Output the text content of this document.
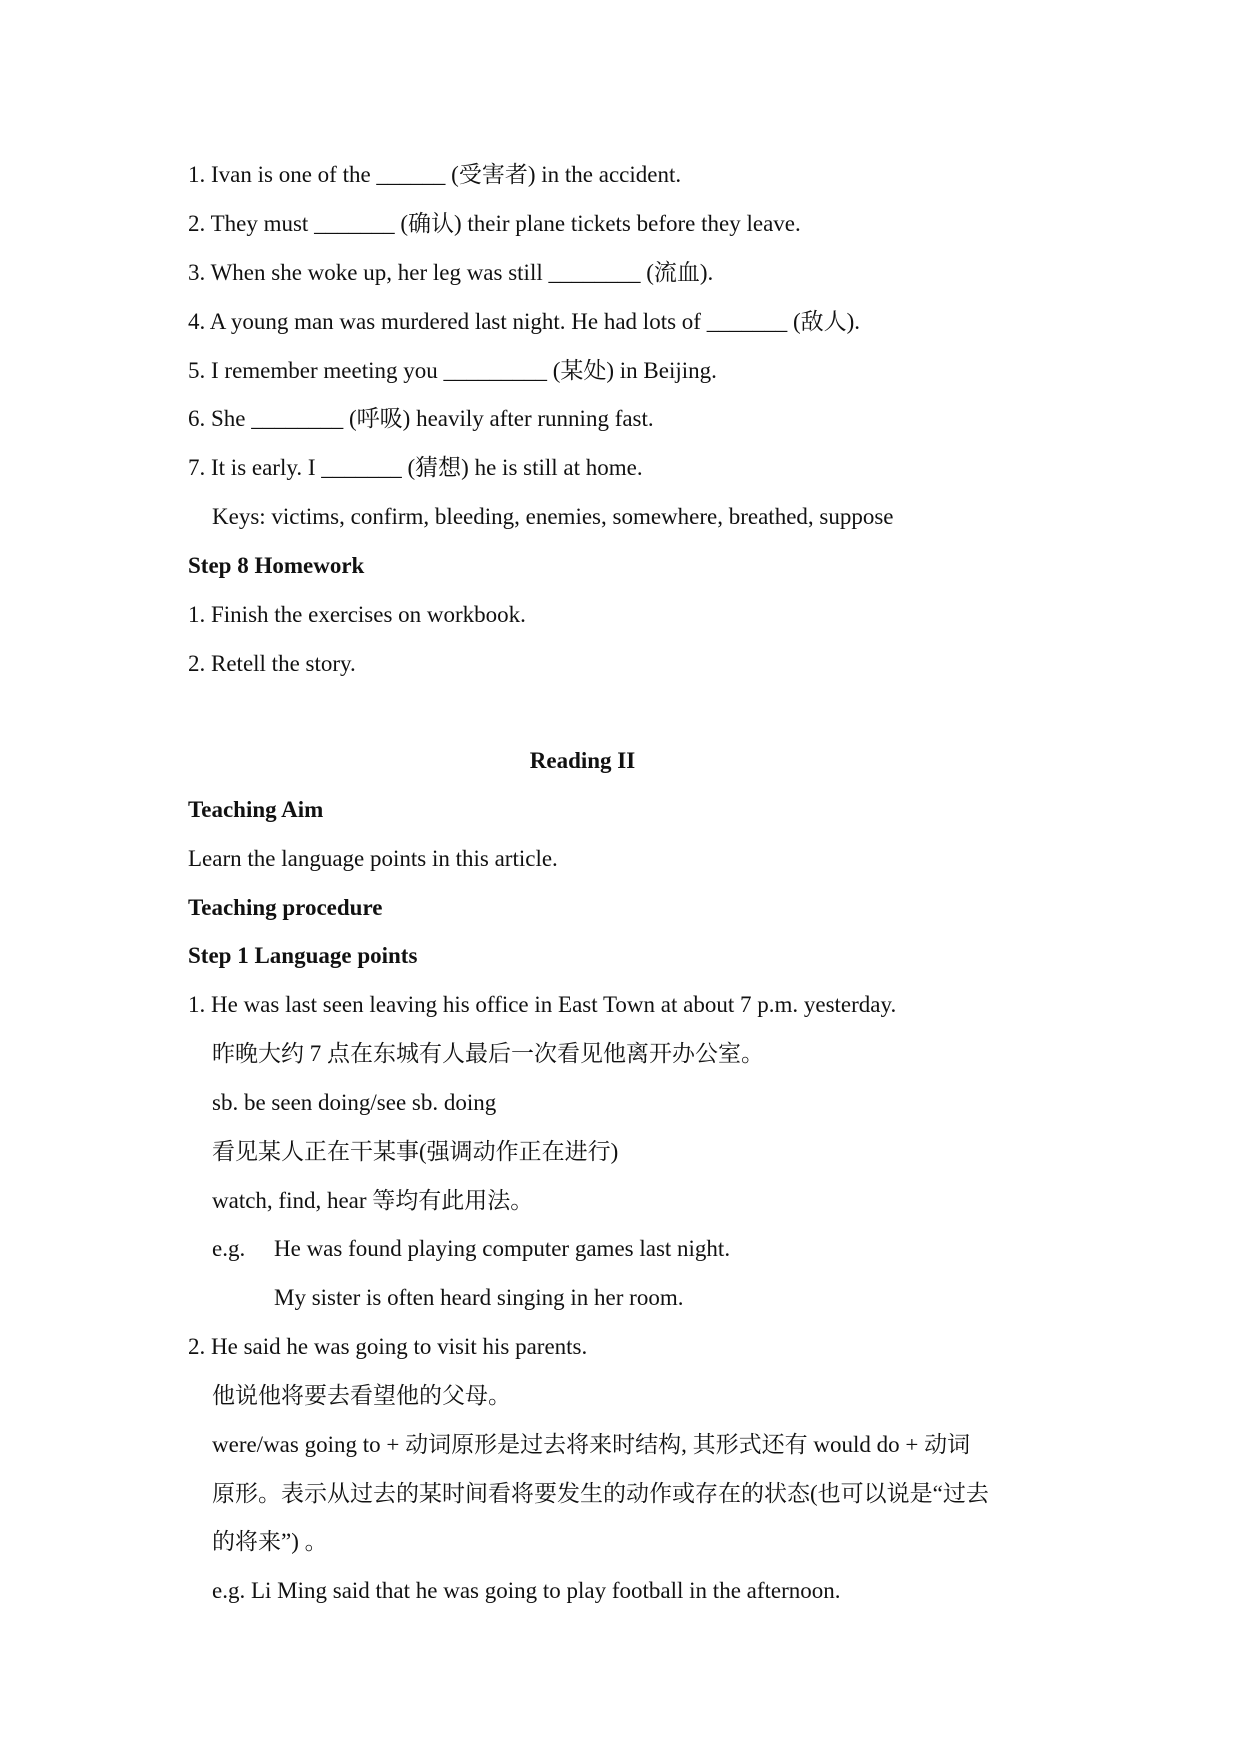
1. Ivan is one of the ______ (受害者) in the accident.
2. They must _______ (确认) their plane tickets before they leave.
3. When she woke up, her leg was still ________ (流血).
4. A young man was murdered last night. He had lots of _______ (敌人).
5. I remember meeting you _________ (某处) in Beijing.
6. She ________ (呼吸) heavily after running fast.
7. It is early. I _______ (猜想) he is still at home.
Keys: victims, confirm, bleeding, enemies, somewhere, breathed, suppose
Step 8 Homework
1. Finish the exercises on workbook.
2. Retell the story.
Reading II
Teaching Aim
Learn the language points in this article.
Teaching procedure
Step 1 Language points
1. He was last seen leaving his office in East Town at about 7 p.m. yesterday.
昨晚大约 7 点在东城有人最后一次看见他离开办公室。
sb. be seen doing/see sb. doing
看见某人正在干某事(强调动作正在进行)
watch, find, hear 等均有此用法。
e.g. He was found playing computer games last night.
My sister is often heard singing in her room.
2. He said he was going to visit his parents.
他说他将要去看望他的父母。
were/was going to + 动词原形是过去将来时结构, 其形式还有 would do + 动词
原形。表示从过去的某时间看将要发生的动作或存在的状态(也可以说是“过去
的将来”) 。
e.g. Li Ming said that he was going to play football in the afternoon.
